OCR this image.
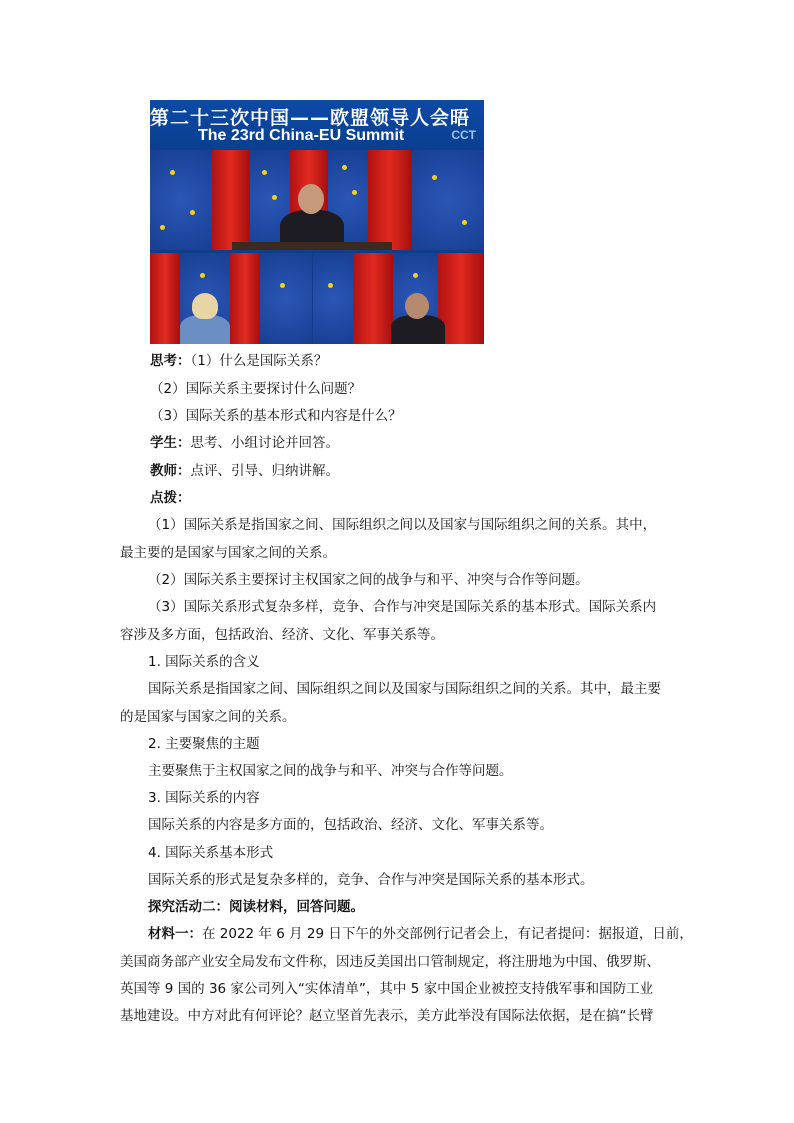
第二十三次中国——欧盟领导人会晤
The 23rd China-EU Summit	CCT
思考：（1）什么是国际关系？
（2）国际关系主要探讨什么问题？
（3）国际关系的基本形式和内容是什么？
学生：思考、小组讨论并回答。
教师：点评、引导、归纳讲解。
点拨：
（1）国际关系是指国家之间、国际组织之间以及国家与国际组织之间的关系。其中，
最主要的是国家与国家之间的关系。
（2）国际关系主要探讨主权国家之间的战争与和平、冲突与合作等问题。
（3）国际关系形式复杂多样，竞争、合作与冲突是国际关系的基本形式。国际关系内
容涉及多方面，包括政治、经济、文化、军事关系等。
1. 国际关系的含义
国际关系是指国家之间、国际组织之间以及国家与国际组织之间的关系。其中，最主要
的是国家与国家之间的关系。
2. 主要聚焦的主题
主要聚焦于主权国家之间的战争与和平、冲突与合作等问题。
3. 国际关系的内容
国际关系的内容是多方面的，包括政治、经济、文化、军事关系等。
4. 国际关系基本形式
国际关系的形式是复杂多样的，竞争、合作与冲突是国际关系的基本形式。
探究活动二：阅读材料，回答问题。
材料一：在 2022 年 6 月 29 日下午的外交部例行记者会上，有记者提问：据报道，日前，
美国商务部产业安全局发布文件称，因违反美国出口管制规定，将注册地为中国、俄罗斯、
英国等 9 国的 36 家公司列入“实体清单”，其中 5 家中国企业被控支持俄军事和国防工业
基地建设。中方对此有何评论？赵立坚首先表示，美方此举没有国际法依据，是在搞“长臂
